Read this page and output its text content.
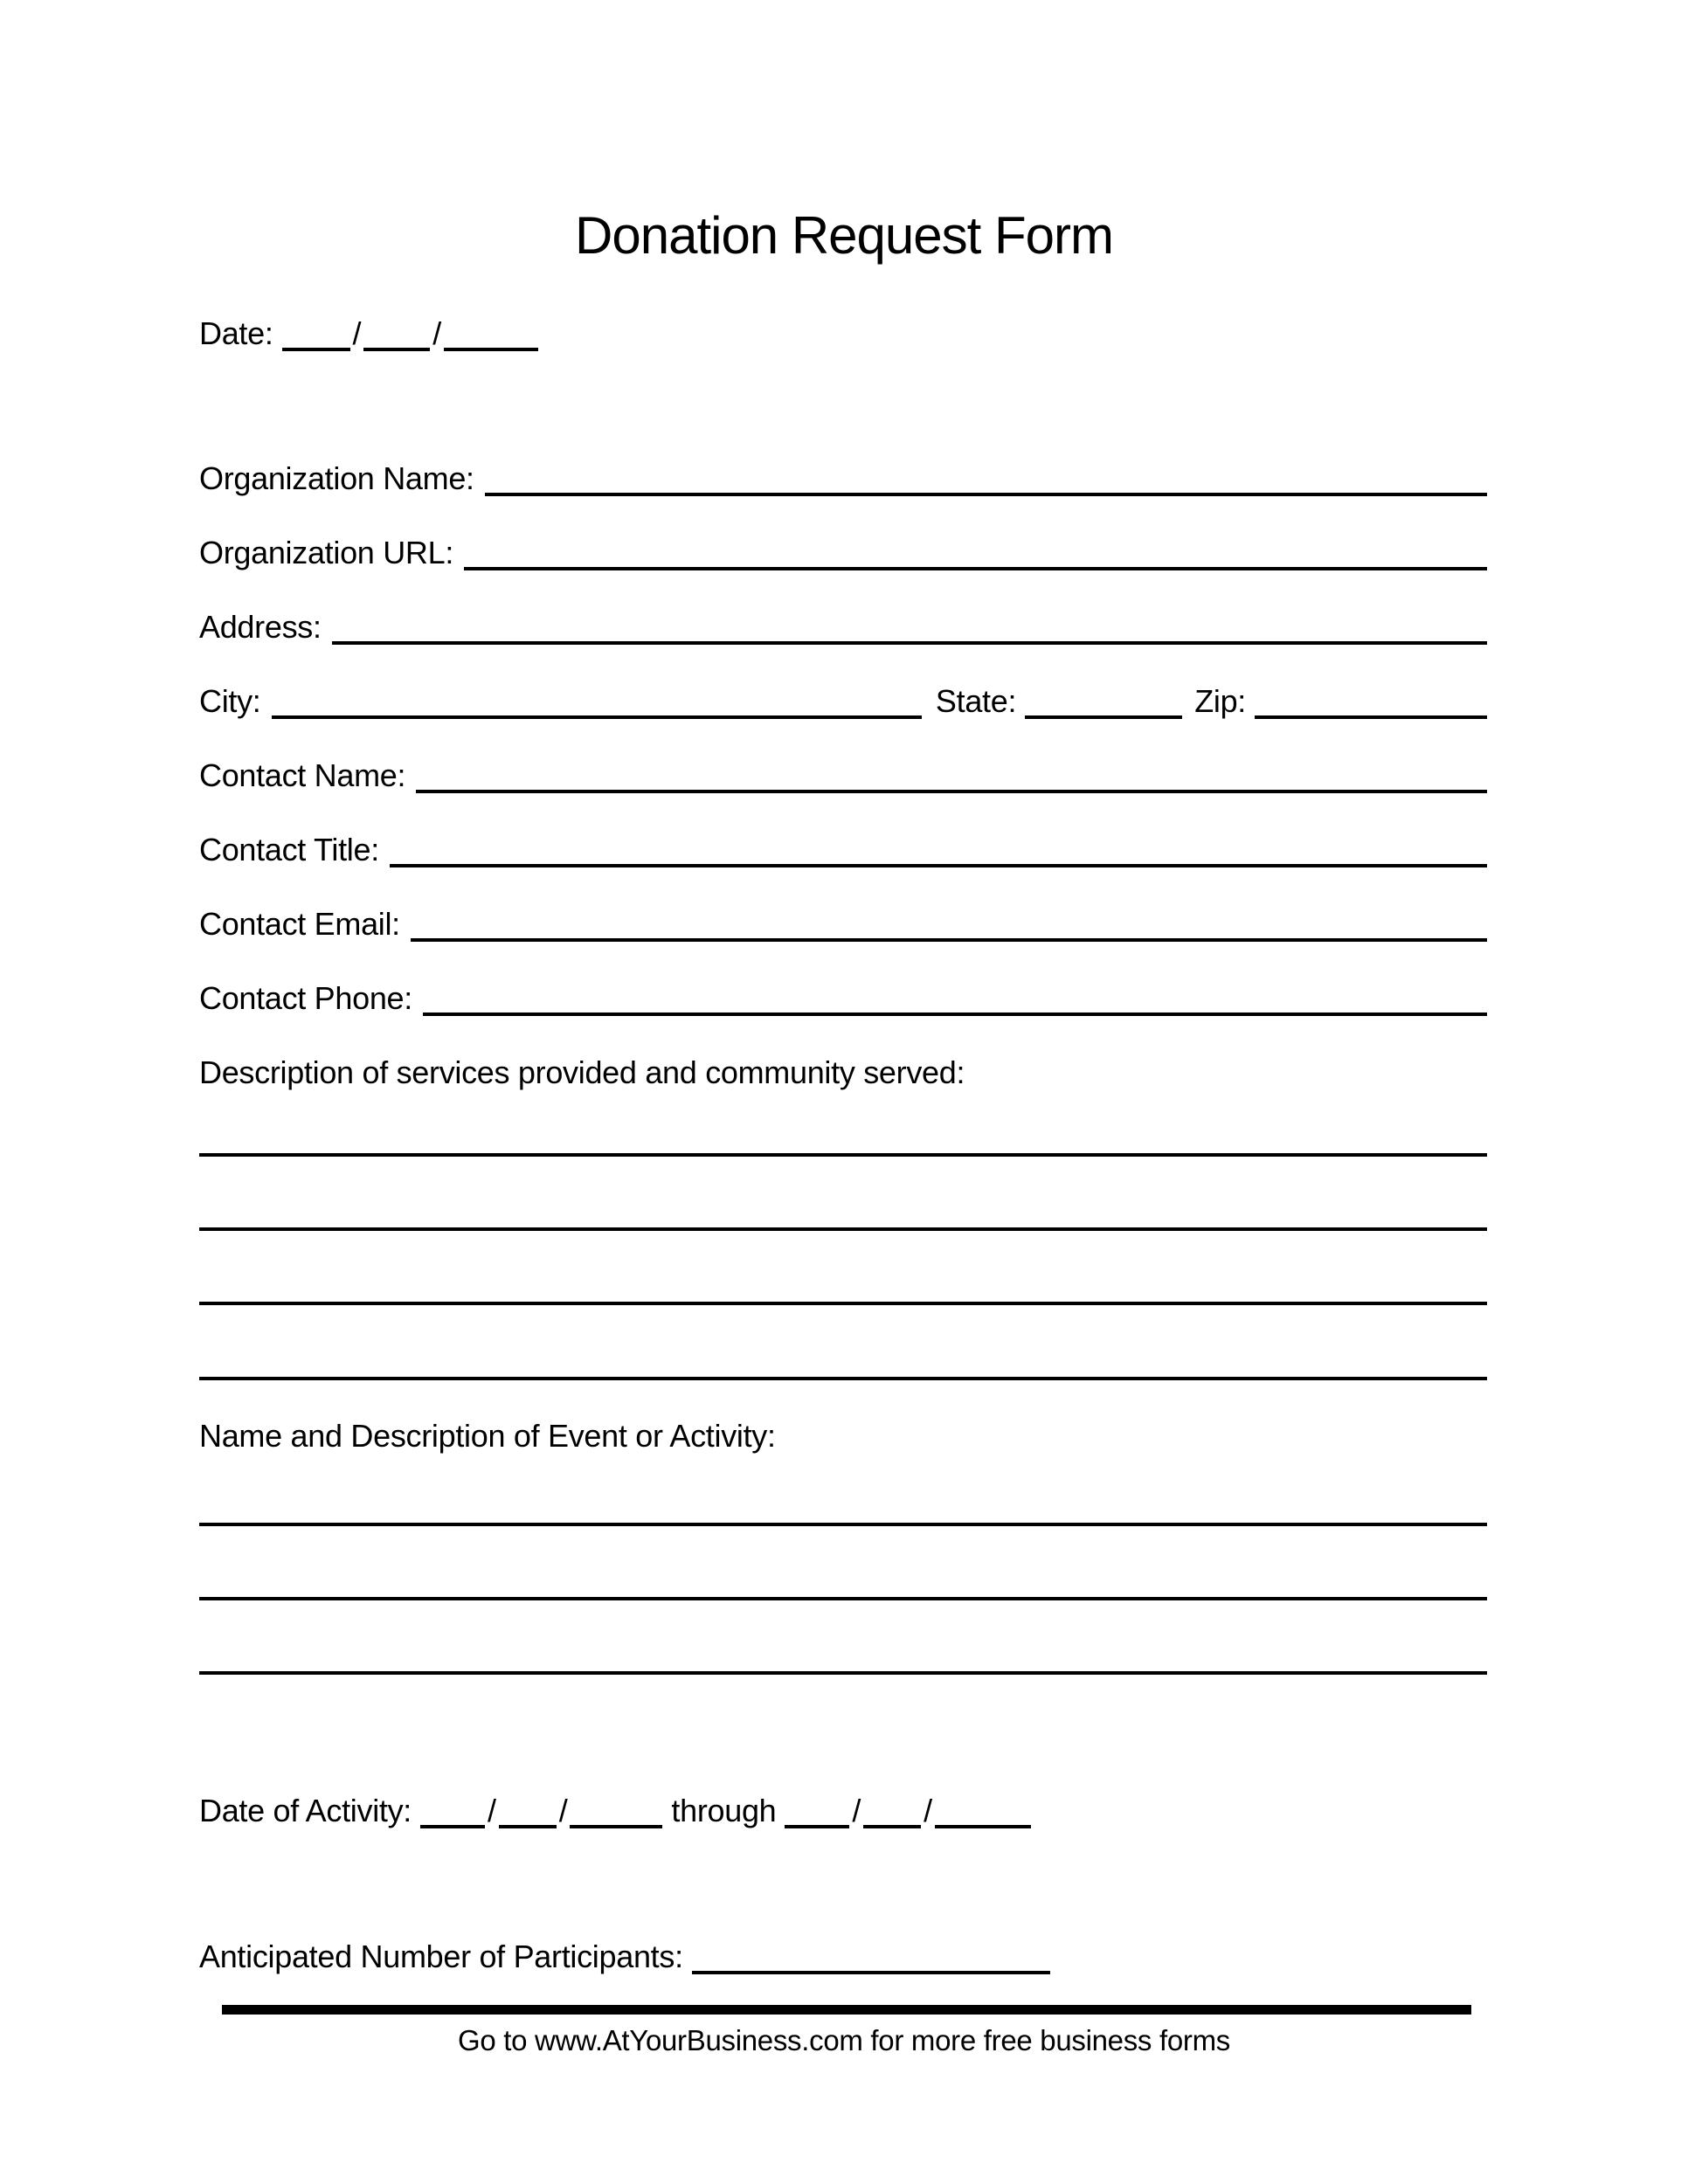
Donation Request Form
Date:	/ /
Organization Name:
Organization URL:
Address:
City:	State:	Zip:
Contact Name:
Contact Title:
Contact Email:
Contact Phone:
Description of services provided and community served:
Name and Description of Event or Activity:
Date of Activity: / /	through / /
Anticipated Number of Participants:
Go to www.AtYourBusiness.com for more free business forms
